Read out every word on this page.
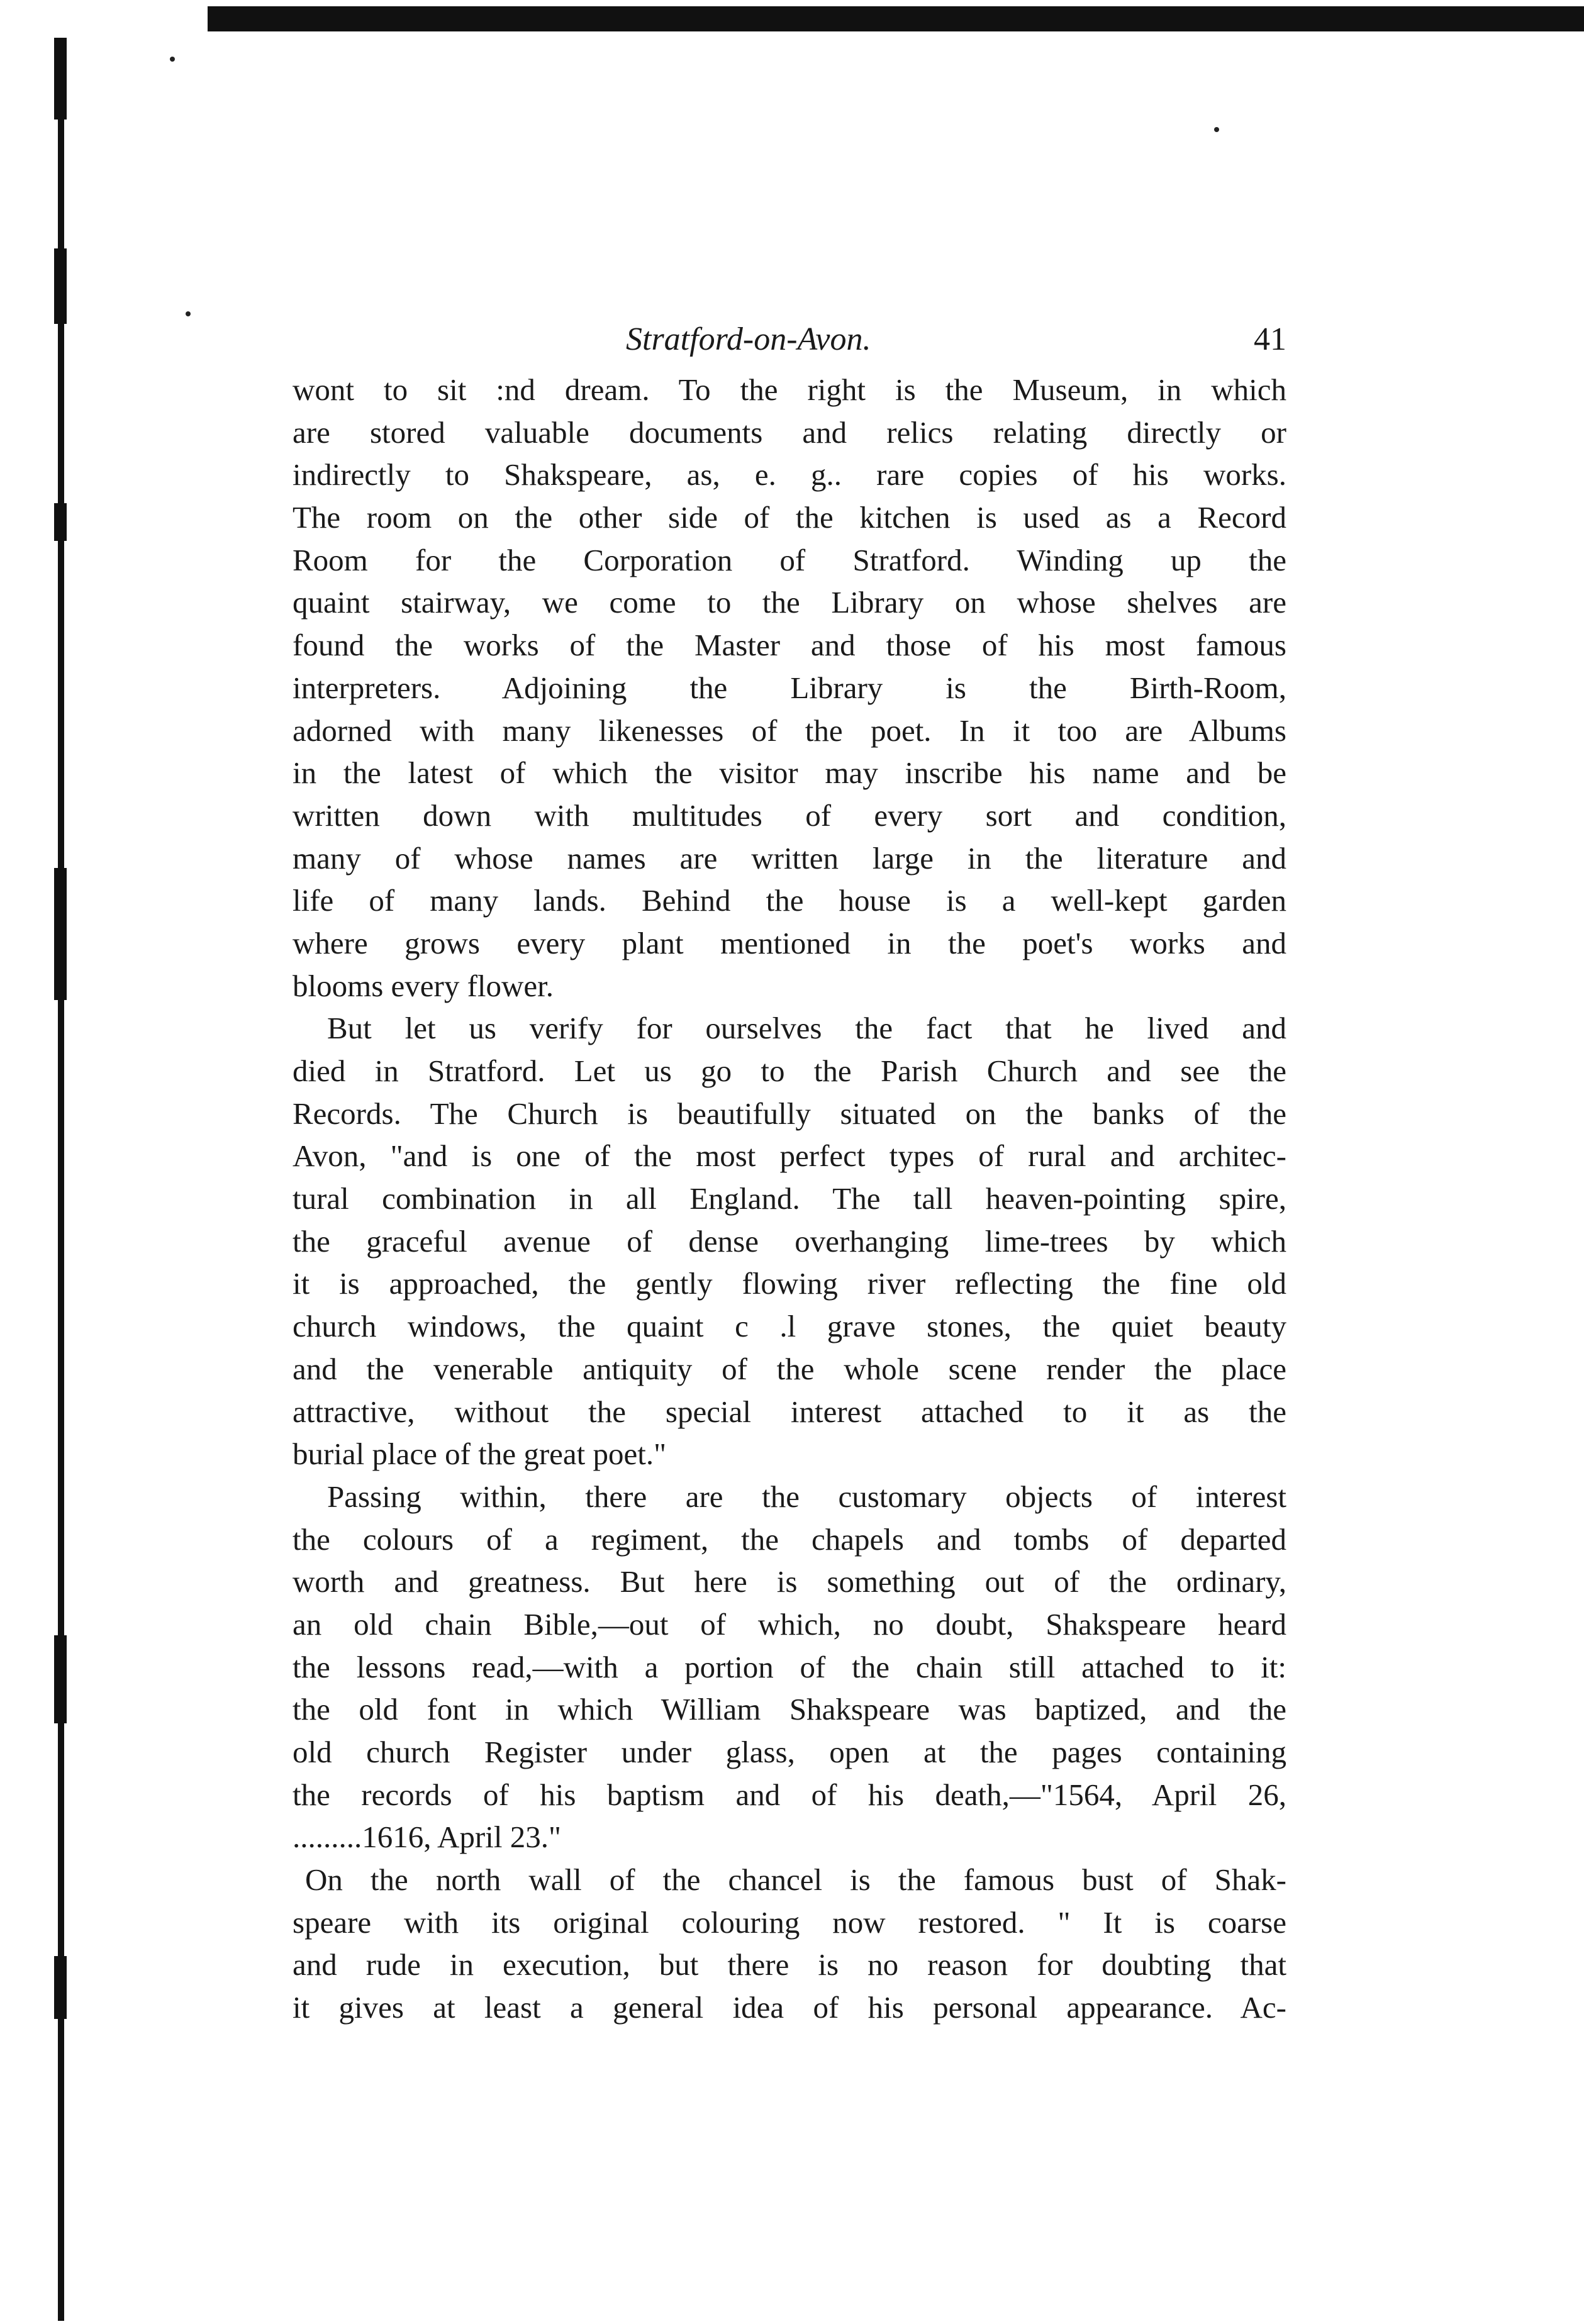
Stratford-on-Avon.	41
wont to sit :nd dream. To the right is the Museum, in which
are stored valuable documents and relics relating directly or
indirectly to Shakspeare, as, e. g.. rare copies of his works.
The room on the other side of the kitchen is used as a Record
Room for the Corporation of Stratford. Winding up the
quaint stairway, we come to the Library on whose shelves are
found the works of the Master and those of his most famous
interpreters. Adjoining the Library is the Birth-Room,
adorned with many likenesses of the poet. In it too are Albums
in the latest of which the visitor may inscribe his name and be
written down with multitudes of every sort and condition,
many of whose names are written large in the literature and
life of many lands. Behind the house is a well-kept garden
where grows every plant mentioned in the poet's works and
blooms every flower.
But let us verify for ourselves the fact that he lived and
died in Stratford. Let us go to the Parish Church and see the
Records. The Church is beautifully situated on the banks of the
Avon, "and is one of the most perfect types of rural and architec-
tural combination in all England. The tall heaven-pointing spire,
the graceful avenue of dense overhanging lime-trees by which
it is approached, the gently flowing river reflecting the fine old
church windows, the quaint c .l grave stones, the quiet beauty
and the venerable antiquity of the whole scene render the place
attractive, without the special interest attached to it as the
burial place of the great poet."
Passing within, there are the customary objects of interest
the colours of a regiment, the chapels and tombs of departed
worth and greatness. But here is something out of the ordinary,
an old chain Bible,—out of which, no doubt, Shakspeare heard
the lessons read,—with a portion of the chain still attached to it:
the old font in which William Shakspeare was baptized, and the
old church Register under glass, open at the pages containing
the records of his baptism and of his death,—"1564, April 26,
.........1616, April 23."
On the north wall of the chancel is the famous bust of Shak-
speare with its original colouring now restored. " It is coarse
and rude in execution, but there is no reason for doubting that
it gives at least a general idea of his personal appearance. Ac-
